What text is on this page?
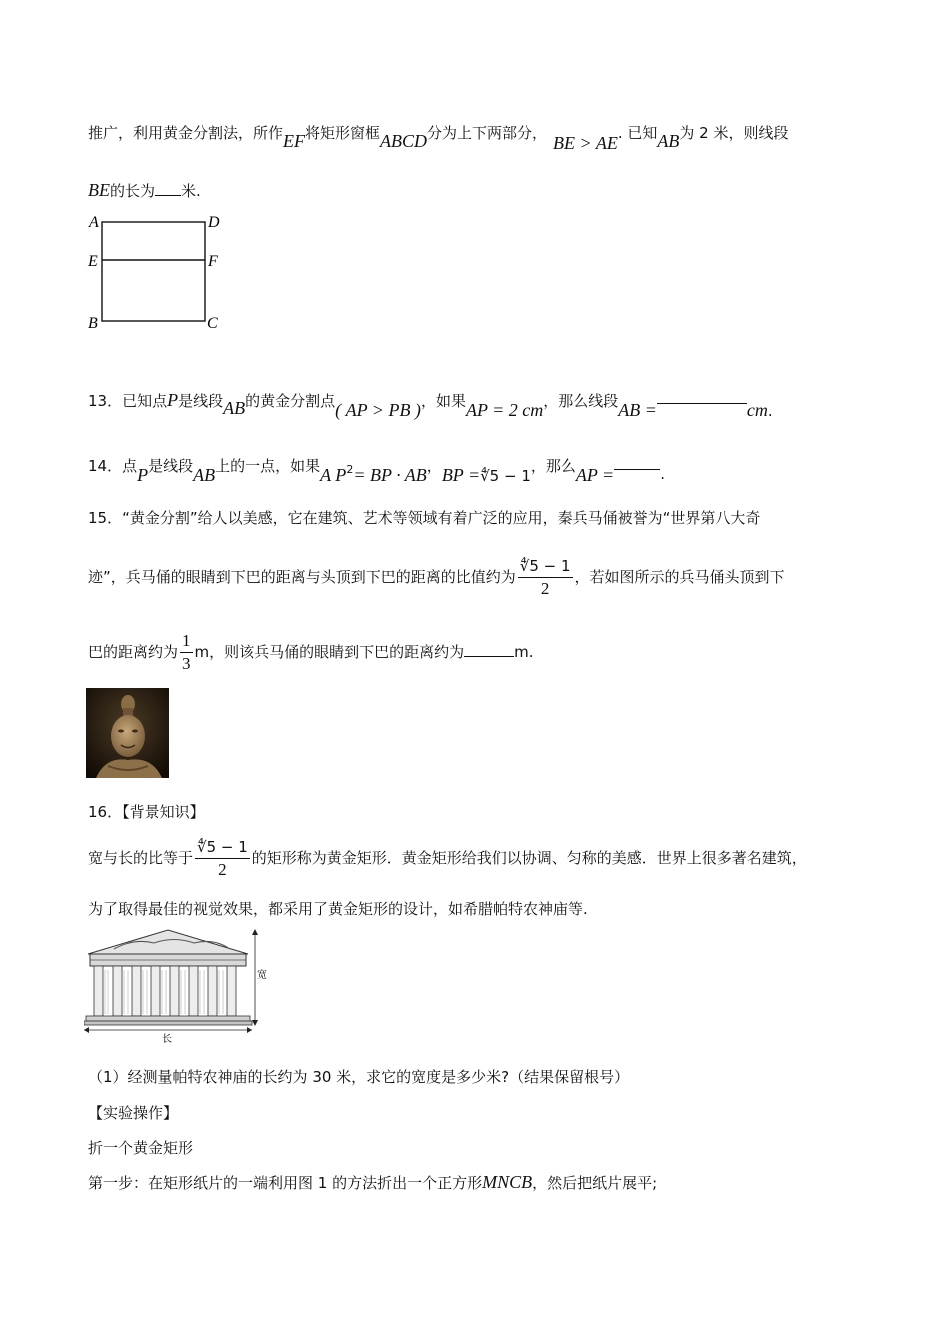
推广，利用黄金分割法，所作EF将矩形窗框ABCD分为上下两部分， BE > AE. 已知AB为 2 米，则线段
BE的长为 米.
A	D
E	F
B	C
13．已知点P是线段AB的黄金分割点( AP > PB )，如果AP = 2 cm，那么线段AB =	cm.
14．点P是线段AB上的一点，如果A $P^2=$ BP · AB，BP =∜5 − 1，那么AP =	.
15．“黄金分割”给人以美感，它在建筑、艺术等领域有着广泛的应用，秦兵马俑被誉为“世界第八大奇
迹”，兵马俑的眼睛到下巴的距离与头顶到下巴的距离的比值约为 $\frac{∜5 - 1}{2}$ ，若如图所示的兵马俑头顶到下
巴的距离约为 $\frac{1}{3}$ m，则该兵马俑的眼睛到下巴的距离约为	m.
16．【背景知识】
宽与长的比等于 $\frac{∜5 - 1}{2}$ 的矩形称为黄金矩形．黄金矩形给我们以协调、匀称的美感．世界上很多著名建筑，
为了取得最佳的视觉效果，都采用了黄金矩形的设计，如希腊帕特农神庙等.
宽
长
（1）经测量帕特农神庙的长约为 30 米，求它的宽度是多少米?（结果保留根号）
【实验操作】
折一个黄金矩形
第一步：在矩形纸片的一端利用图 1 的方法折出一个正方形MNCB，然后把纸片展平;
